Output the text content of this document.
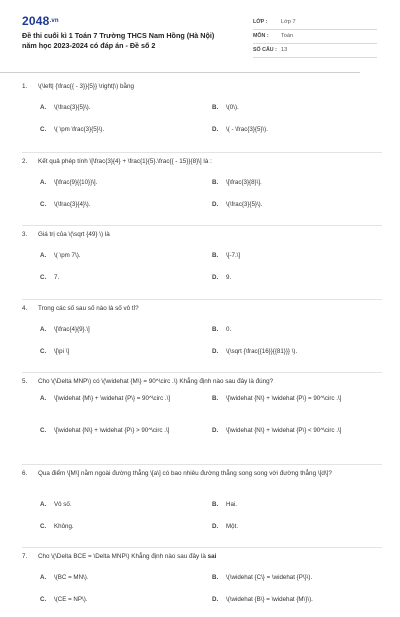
2048.vn
Đề thi cuối kì 1 Toán 7 Trường THCS Nam Hồng (Hà Nội)
năm học 2023-2024 có đáp án - Đề số 2
LỚP :	Lớp 7
MÔN :	Toán
SỐ CÂU : 13
1.	\(\left| {\frac{{ - 3}}{5}} \right|\) bằng
A.	\(\frac{3}{5}\).	B.	\(0\).
C.	\( \pm \frac{3}{5}\).	D.	\( - \frac{3}{5}\).
2.	Kết quả phép tính \[\frac{3}{4} + \frac{1}{5}.\frac{{ - 15}}{8}\] là :
A.	\[\frac{9}{{10}}\].	B.	\[\frac{3}{8}\].
C.	\(\frac{3}{4}\).	D.	\(\frac{3}{5}\).
3.	Giá trị của \(\sqrt {49} \) là
A.	\( \pm 7\).	B.	\[-7.\]
C.	7.	D.	9.
4.	Trong các số sau số nào là số vô tỉ?
A.	\[\frac{4}{9}.\]	B.	0.
C.	\[\pi \]	D.	\(\sqrt {\frac{{16}}{{81}}} \).
5.	Cho \(\Delta MNP\) có \(\widehat {M\} = 90^\circ .\) Khẳng định nào sau đây là đúng?
A.	\[\widehat {M\} + \widehat {P\} = 90^\circ .\]	B.	\[\widehat {N\} + \widehat {P\} = 90^\circ .\]
C.	\[\widehat {N\} + \widehat {P\} > 90^\circ .\]	D.	\[\widehat {N\} + \widehat {P\} < 90^\circ .\]
6.	Qua điểm \[M\] nằm ngoài đường thẳng \[a\] có bao nhiêu đường thẳng song song với đường thẳng \[d\]?
A.	Vô số.	B.	Hai.
C.	Không.	D.	Một.
7.	Cho \(\Delta BCE = \Delta MNP\) Khẳng định nào sau đây là sai
A.	\(BC = MN\).	B.	\(\widehat {C\} = \widehat {P\}\).
C.	\(CE = NP\).	D.	\(\widehat {B\} = \widehat {M\}\).
